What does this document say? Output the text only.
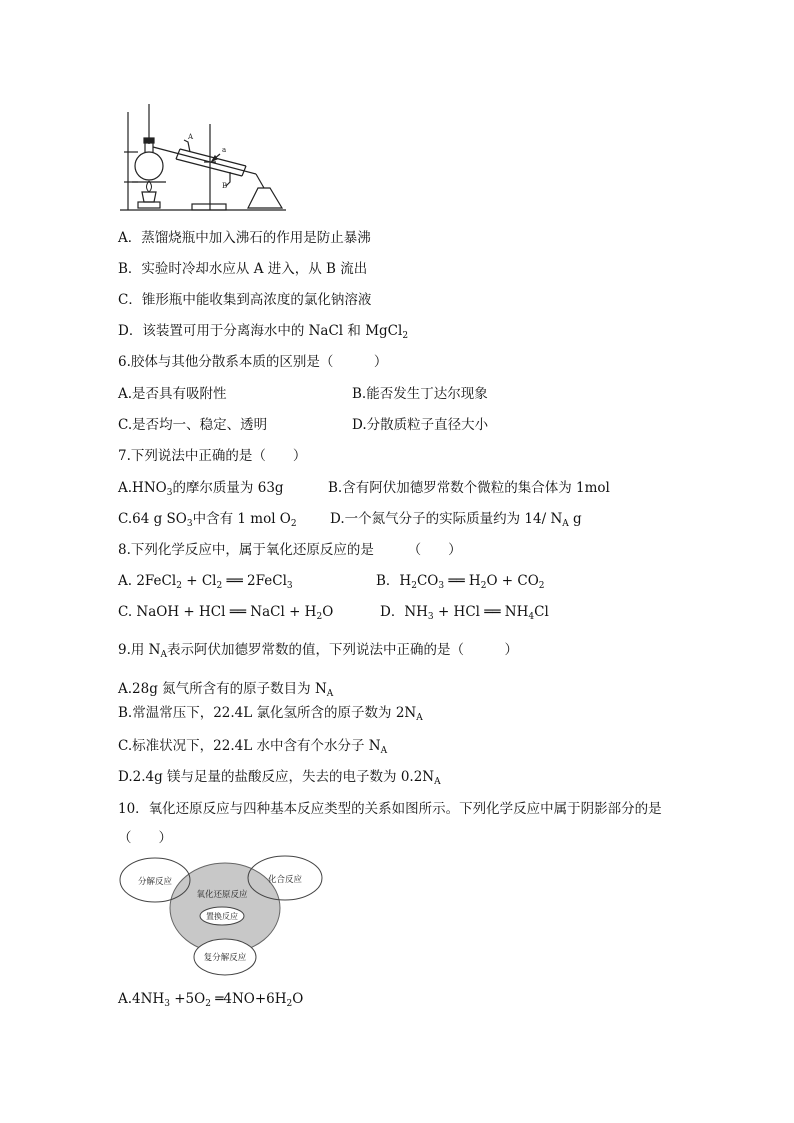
A
B
a
A．蒸馏烧瓶中加入沸石的作用是防止暴沸
B．实验时冷却水应从 A 进入，从 B 流出
C．锥形瓶中能收集到高浓度的氯化钠溶液
D．该装置可用于分离海水中的 NaCl 和 MgCl$_2$
6.胶体与其他分散系本质的区别是（　　　）
A.是否具有吸附性	B.能否发生丁达尔现象
C.是否均一、稳定、透明	D.分散质粒子直径大小
7.下列说法中正确的是（　　）
$A.HNO_3$的摩尔质量为 63g	B.含有阿伏加德罗常数个微粒的集合体为 1mol
C.64 g $SO_3$中含有 1 mol $O_2$ D.一个氮气分子的实际质量约为 14/ $N_A$ g
8.下列化学反应中，属于氧化还原反应的是　　　（　　）
A. 2FeCl$_2$ + $Cl_2$ ══ 2FeCl$_3$	B．$H_2CO_3$ ══ $H_2O + CO_2$
C. NaOH + HCl ══ NaCl + $H_2O$	D．$NH_3$ + HCl ══ $NH_4Cl$
9.用 $N_A$表示阿伏加德罗常数的值，下列说法中正确的是（　　　）
A.28g 氮气所含有的原子数目为 $N_A$
B.常温常压下，22.4L 氯化氢所含的原子数为 $2N_A$
C.标准状况下，22.4L 水中含有个水分子 $N_A$
D.2.4g 镁与足量的盐酸反应，失去的电子数为 $0.2N_A$
10．氧化还原反应与四种基本反应类型的关系如图所示。下列化学反应中属于阴影部分的是
（　　）
分解反应	化合反应
氧化还原反应
置换反应
复分解反应
$A.4NH_3 +5O_2$ $═4NO+6H_2O$
